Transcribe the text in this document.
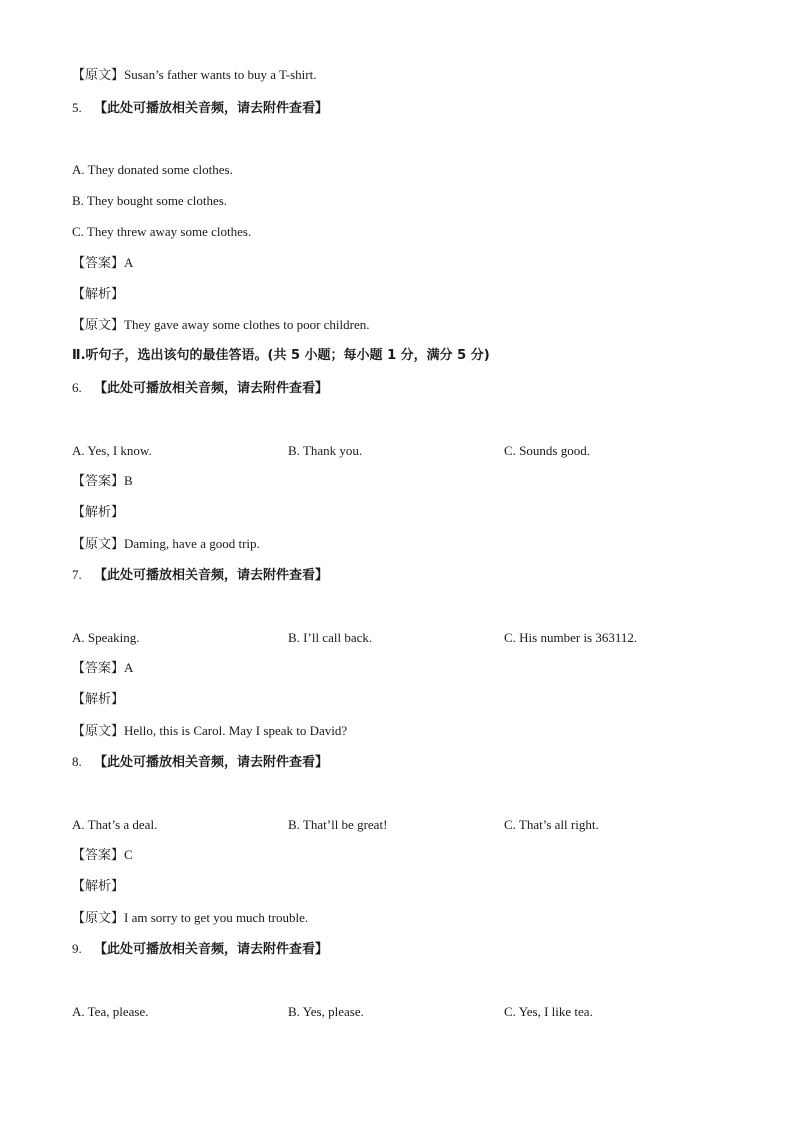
【原文】Susan’s father wants to buy a T-shirt.
5. 【此处可播放相关音频，请去附件查看】
A. They donated some clothes.
B. They bought some clothes.
C. They threw away some clothes.
【答案】A
【解析】
【原文】They gave away some clothes to poor children.
Ⅱ.听句子，选出该句的最佳答语。(共 5 小题；每小题 1 分，满分 5 分)
6. 【此处可播放相关音频，请去附件查看】
A. Yes, I know.	B. Thank you.	C. Sounds good.
【答案】B
【解析】
【原文】Daming, have a good trip.
7. 【此处可播放相关音频，请去附件查看】
A. Speaking.	B. I’ll call back.	C. His number is 363112.
【答案】A
【解析】
【原文】Hello, this is Carol. May I speak to David?
8. 【此处可播放相关音频，请去附件查看】
A. That’s a deal.	B. That’ll be great!	C. That’s all right.
【答案】C
【解析】
【原文】I am sorry to get you much trouble.
9. 【此处可播放相关音频，请去附件查看】
A. Tea, please.	B. Yes, please.	C. Yes, I like tea.
